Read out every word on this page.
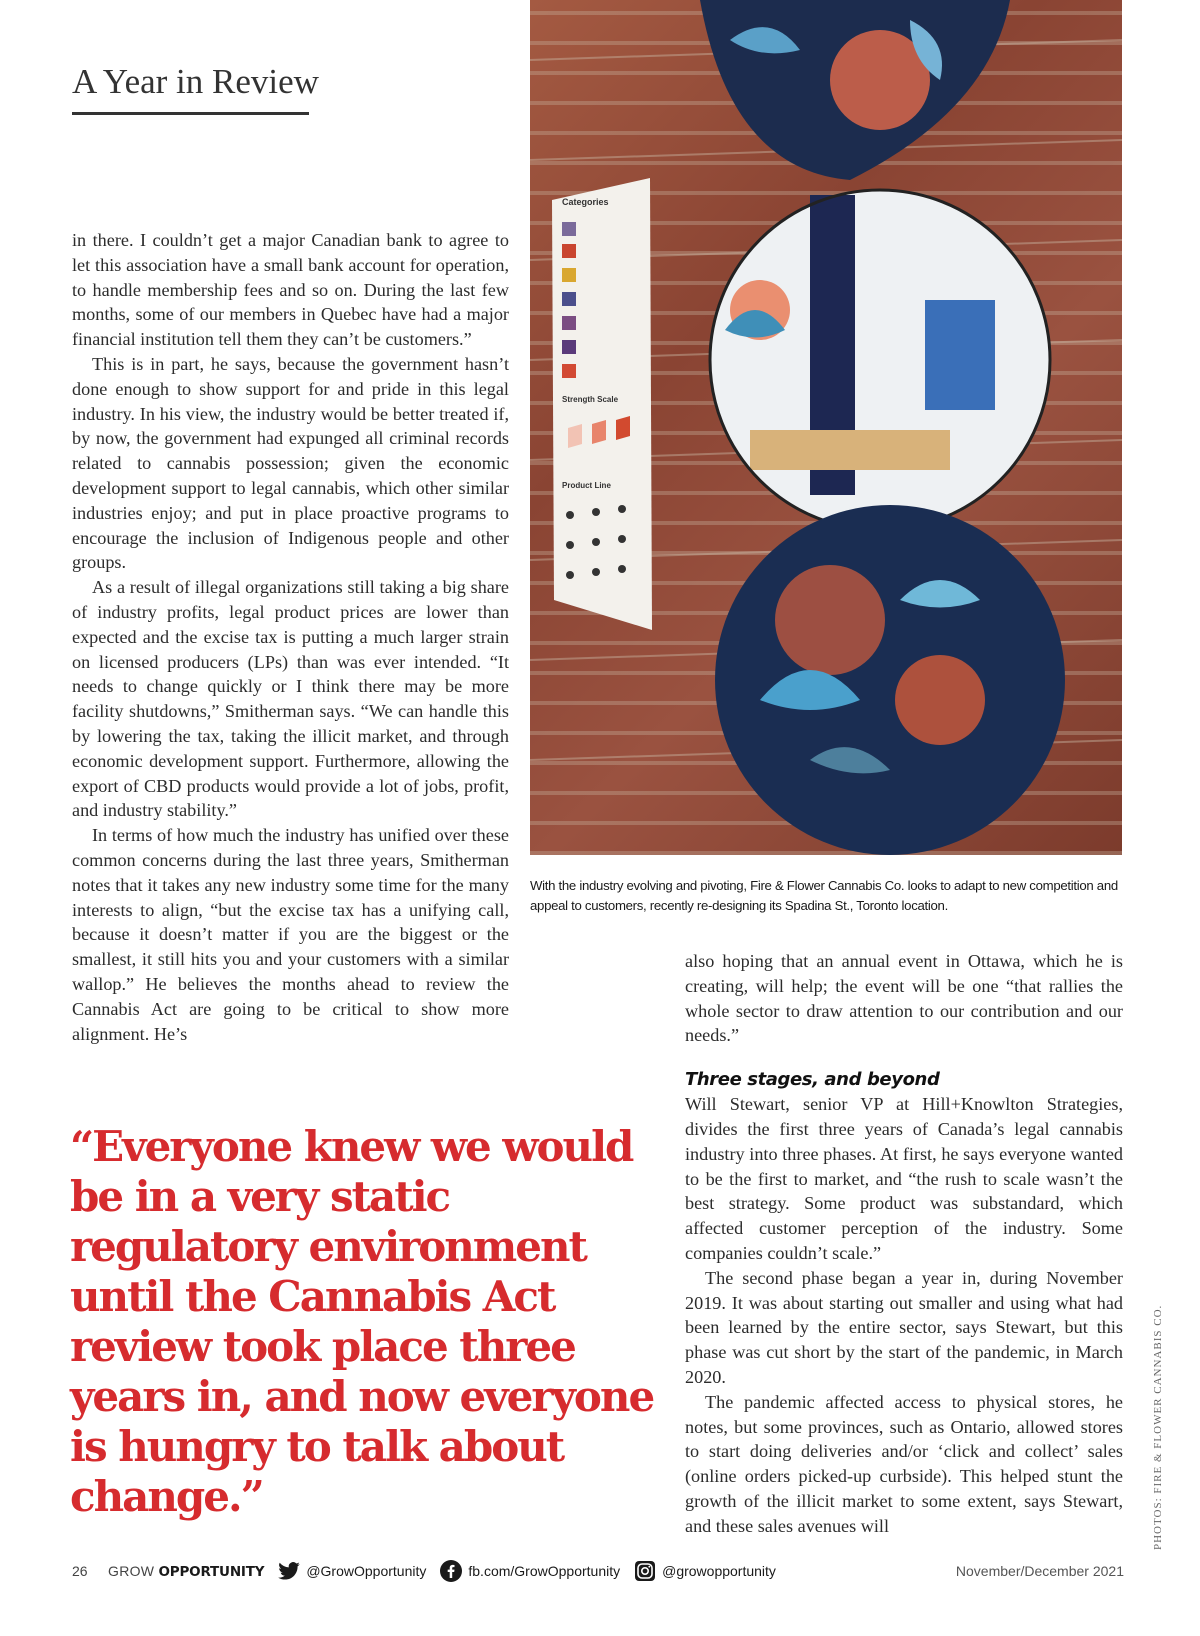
A Year in Review

in there. I couldn’t get a major Canadian bank to agree to let this association have a small bank account for operation, to handle membership fees and so on. During the last few months, some of our members in Quebec have had a major financial institution tell them they can’t be customers.”

This is in part, he says, because the government hasn’t done enough to show support for and pride in this legal industry. In his view, the industry would be better treated if, by now, the government had expunged all criminal records related to cannabis possession; given the economic development support to legal cannabis, which other similar industries enjoy; and put in place proactive programs to encourage the inclusion of Indigenous people and other groups.

As a result of illegal organizations still taking a big share of industry profits, legal product prices are lower than expected and the excise tax is putting a much larger strain on licensed producers (LPs) than was ever intended. “It needs to change quickly or I think there may be more facility shutdowns,” Smitherman says. “We can handle this by lowering the tax, taking the illicit market, and through economic development support. Furthermore, allowing the export of CBD products would provide a lot of jobs, profit, and industry stability.”

In terms of how much the industry has unified over these common concerns during the last three years, Smitherman notes that it takes any new industry some time for the many interests to align, “but the excise tax has a unifying call, because it doesn’t matter if you are the biggest or the smallest, it still hits you and your customers with a similar wallop.” He believes the months ahead to review the Cannabis Act are going to be critical to show more alignment. He’s

Categories
Strength Scale
Product Line
With the industry evolving and pivoting, Fire & Flower Cannabis Co. looks to adapt to new competition and appeal to customers, recently re-designing its Spadina St., Toronto location.

also hoping that an annual event in Ottawa, which he is creating, will help; the event will be one “that rallies the whole sector to draw attention to our contribution and our needs.”

Three stages, and beyond

Will Stewart, senior VP at Hill+Knowlton Strategies, divides the first three years of Canada’s legal cannabis industry into three phases. At first, he says everyone wanted to be the first to market, and “the rush to scale wasn’t the best strategy. Some product was substandard, which affected customer perception of the industry. Some companies couldn’t scale.”

The second phase began a year in, during November 2019. It was about starting out smaller and using what had been learned by the entire sector, says Stewart, but this phase was cut short by the start of the pandemic, in March 2020.

The pandemic affected access to physical stores, he notes, but some provinces, such as Ontario, allowed stores to start doing deliveries and/or ‘click and collect’ sales (online orders picked-up curbside). This helped stunt the growth of the illicit market to some extent, says Stewart, and these sales avenues will

“Everyone knew we would be in a very static regulatory environment until the Cannabis Act review took place three years in, and now everyone is hungry to talk about change.”	PHOTOS: FIRE & FLOWER CANNABIS CO.
26	GROW OPPORTUNITY	@GrowOpportunity	fb.com/GrowOpportunity	@growopportunity	November/December 2021
